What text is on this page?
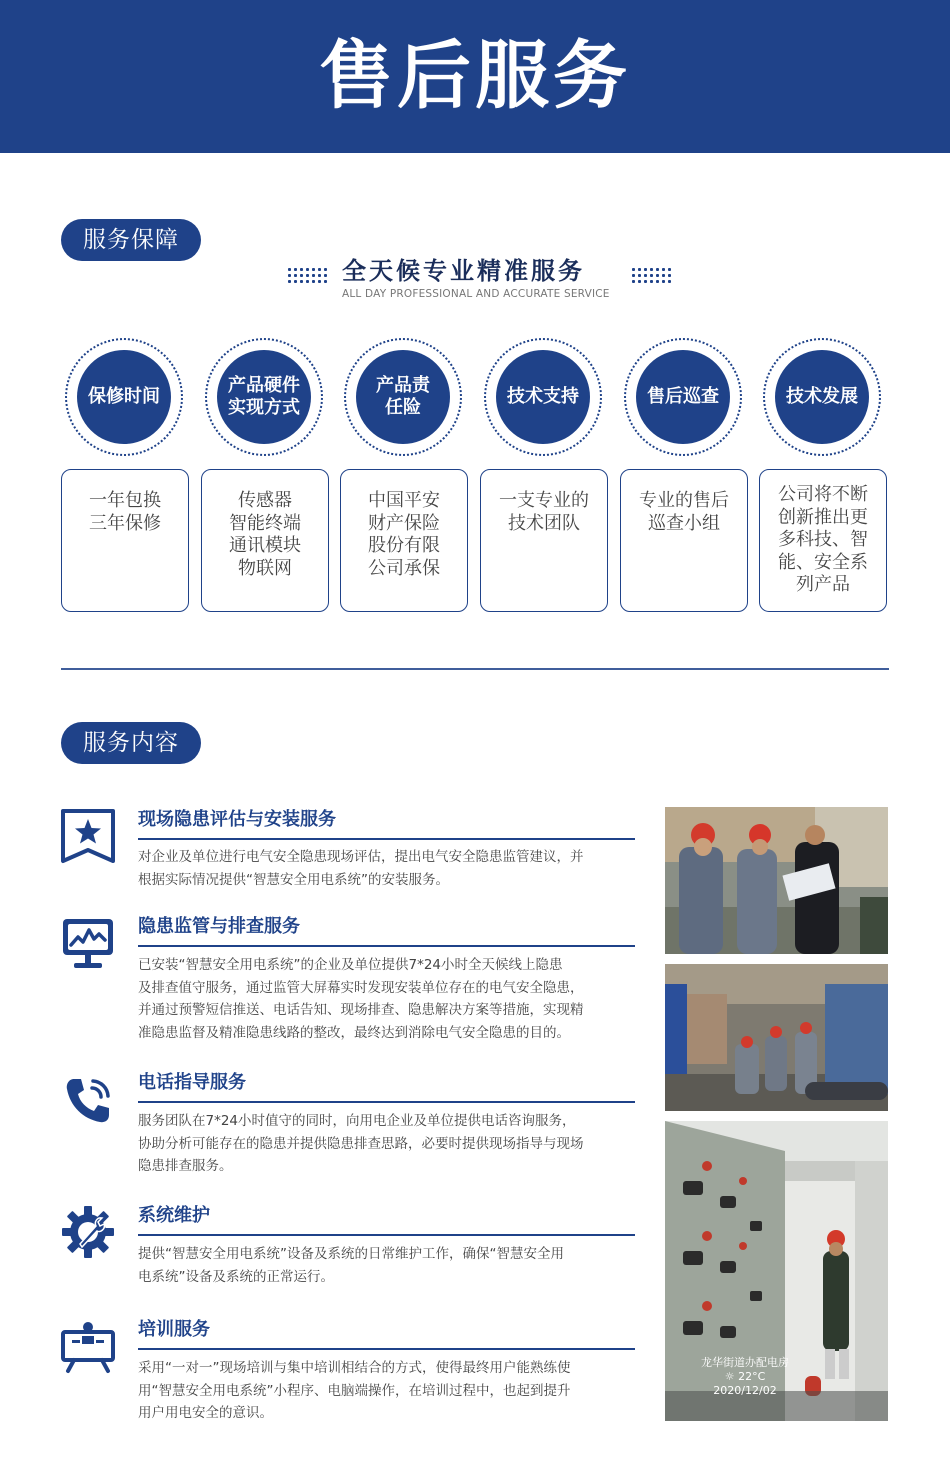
售后服务
服务保障
全天候专业精准服务
ALL DAY PROFESSIONAL AND ACCURATE SERVICE
保修时间
产品硬件
实现方式
产品责
任险
技术支持	售后巡查	技术发展
一年包换
三年保修
传感器
智能终端
通讯模块
物联网
中国平安
财产保险
股份有限
公司承保
一支专业的
技术团队
专业的售后
巡查小组
公司将不断
创新推出更
多科技、智
能、安全系
列产品
服务内容
现场隐患评估与安装服务
对企业及单位进行电气安全隐患现场评估，提出电气安全隐患监管建议，并
根据实际情况提供“智慧安全用电系统”的安装服务。
隐患监管与排查服务
已安装“智慧安全用电系统”的企业及单位提供7*24小时全天候线上隐患
及排查值守服务，通过监管大屏幕实时发现安装单位存在的电气安全隐患，
并通过预警短信推送、电话告知、现场排查、隐患解决方案等措施，实现精
准隐患监督及精准隐患线路的整改，最终达到消除电气安全隐患的目的。
电话指导服务
服务团队在7*24小时值守的同时，向用电企业及单位提供电话咨询服务，
协助分析可能存在的隐患并提供隐患排查思路，必要时提供现场指导与现场
隐患排查服务。
系统维护
提供“智慧安全用电系统”设备及系统的日常维护工作，确保“智慧安全用
电系统”设备及系统的正常运行。
培训服务
采用“一对一”现场培训与集中培训相结合的方式，使得最终用户能熟练使
用“智慧安全用电系统”小程序、电脑端操作，在培训过程中，也起到提升
用户用电安全的意识。
龙华街道办配电房
☼ 22°C
2020/12/02
